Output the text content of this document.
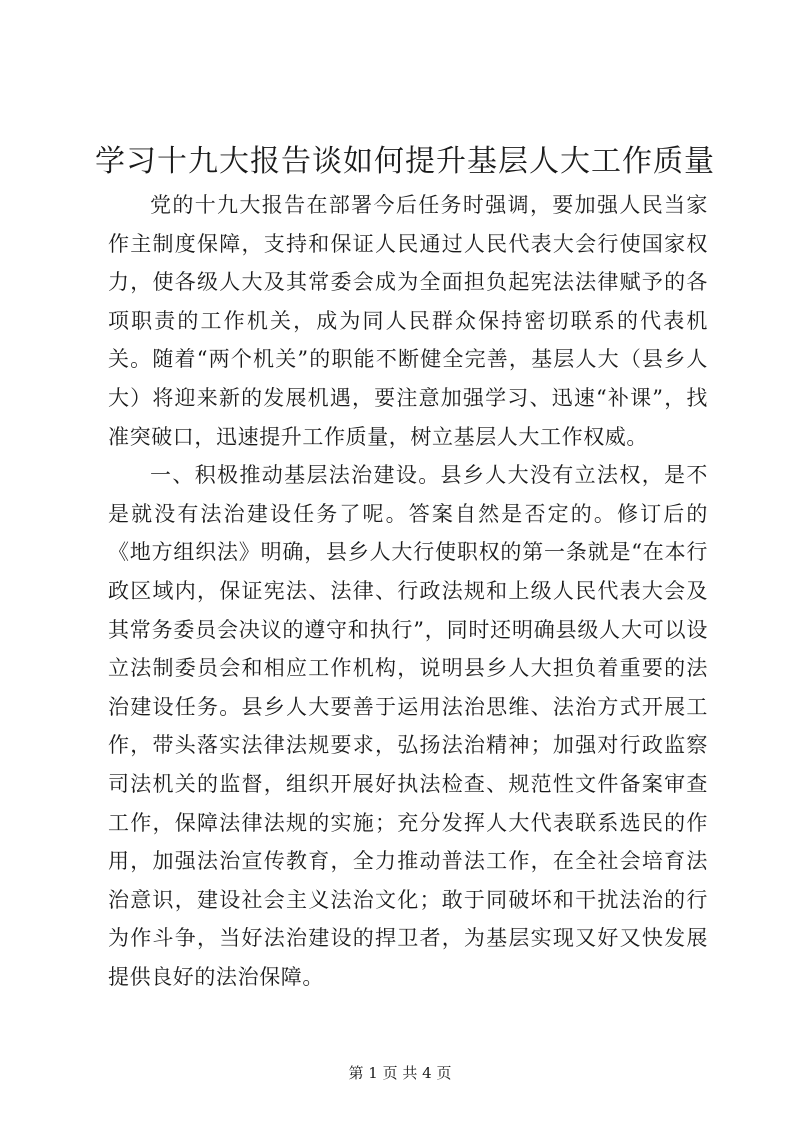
学习十九大报告谈如何提升基层人大工作质量

党的十九大报告在部署今后任务时强调，要加强人民当家作主制度保障，支持和保证人民通过人民代表大会行使国家权力，使各级人大及其常委会成为全面担负起宪法法律赋予的各项职责的工作机关，成为同人民群众保持密切联系的代表机关。随着“两个机关”的职能不断健全完善，基层人大（县乡人大）将迎来新的发展机遇，要注意加强学习、迅速“补课”，找准突破口，迅速提升工作质量，树立基层人大工作权威。

一、积极推动基层法治建设。县乡人大没有立法权，是不是就没有法治建设任务了呢。答案自然是否定的。修订后的《地方组织法》明确，县乡人大行使职权的第一条就是“在本行政区域内，保证宪法、法律、行政法规和上级人民代表大会及其常务委员会决议的遵守和执行”，同时还明确县级人大可以设立法制委员会和相应工作机构，说明县乡人大担负着重要的法治建设任务。县乡人大要善于运用法治思维、法治方式开展工作，带头落实法律法规要求，弘扬法治精神；加强对行政监察司法机关的监督，组织开展好执法检查、规范性文件备案审查工作，保障法律法规的实施；充分发挥人大代表联系选民的作用，加强法治宣传教育，全力推动普法工作，在全社会培育法治意识，建设社会主义法治文化；敢于同破坏和干扰法治的行为作斗争，当好法治建设的捍卫者，为基层实现又好又快发展提供良好的法治保障。

第 1 页 共 4 页
